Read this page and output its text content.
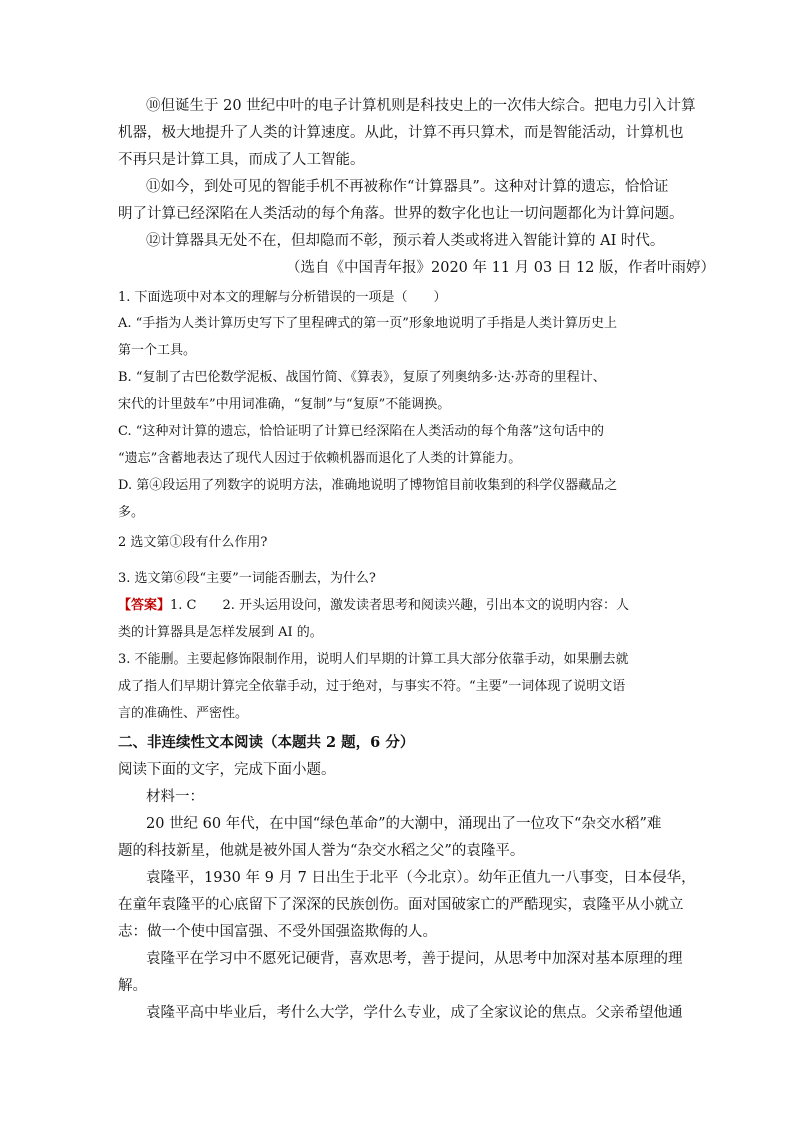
⑩但诞生于 20 世纪中叶的电子计算机则是科技史上的一次伟大综合。把电力引入计算
机器，极大地提升了人类的计算速度。从此，计算不再只算术，而是智能活动，计算机也
不再只是计算工具，而成了人工智能。
⑪如今，到处可见的智能手机不再被称作“计算器具”。这种对计算的遗忘，恰恰证
明了计算已经深陷在人类活动的每个角落。世界的数字化也让一切问题都化为计算问题。
⑫计算器具无处不在，但却隐而不彰，预示着人类或将进入智能计算的 AI 时代。
（选自《中国青年报》2020 年 11 月 03 日 12 版，作者叶雨婷）
1. 下面选项中对本文的理解与分析错误的一项是（　　）
A. “手指为人类计算历史写下了里程碑式的第一页”形象地说明了手指是人类计算历史上
第一个工具。
B. “复制了古巴伦数学泥板、战国竹简、《算表》，复原了列奥纳多·达·苏奇的里程计、
宋代的计里鼓车”中用词准确，“复制”与“复原”不能调换。
C. “这种对计算的遗忘，恰恰证明了计算已经深陷在人类活动的每个角落”这句话中的
“遗忘”含蓄地表达了现代人因过于依赖机器而退化了人类的计算能力。
D. 第④段运用了列数字的说明方法，准确地说明了博物馆目前收集到的科学仪器藏品之
多。
2 选文第①段有什么作用?
3. 选文第⑥段“主要”一词能否删去，为什么?
【答案】1. C　　2. 开头运用设问，激发读者思考和阅读兴趣，引出本文的说明内容：人
类的计算器具是怎样发展到 AI 的。
3. 不能删。主要起修饰限制作用，说明人们早期的计算工具大部分依靠手动，如果删去就
成了指人们早期计算完全依靠手动，过于绝对，与事实不符。“主要”一词体现了说明文语
言的准确性、严密性。
二、非连续性文本阅读（本题共 2 题，6 分）
阅读下面的文字，完成下面小题。
材料一：
20 世纪 60 年代，在中国“绿色革命”的大潮中，涌现出了一位攻下“杂交水稻”难
题的科技新星，他就是被外国人誉为“杂交水稻之父”的袁隆平。
袁隆平，1930 年 9 月 7 日出生于北平（今北京）。幼年正值九一八事变，日本侵华，
在童年袁隆平的心底留下了深深的民族创伤。面对国破家亡的严酷现实，袁隆平从小就立
志：做一个使中国富强、不受外国强盗欺侮的人。
袁隆平在学习中不愿死记硬背，喜欢思考，善于提问，从思考中加深对基本原理的理
解。
袁隆平高中毕业后，考什么大学，学什么专业，成了全家议论的焦点。父亲希望他通
